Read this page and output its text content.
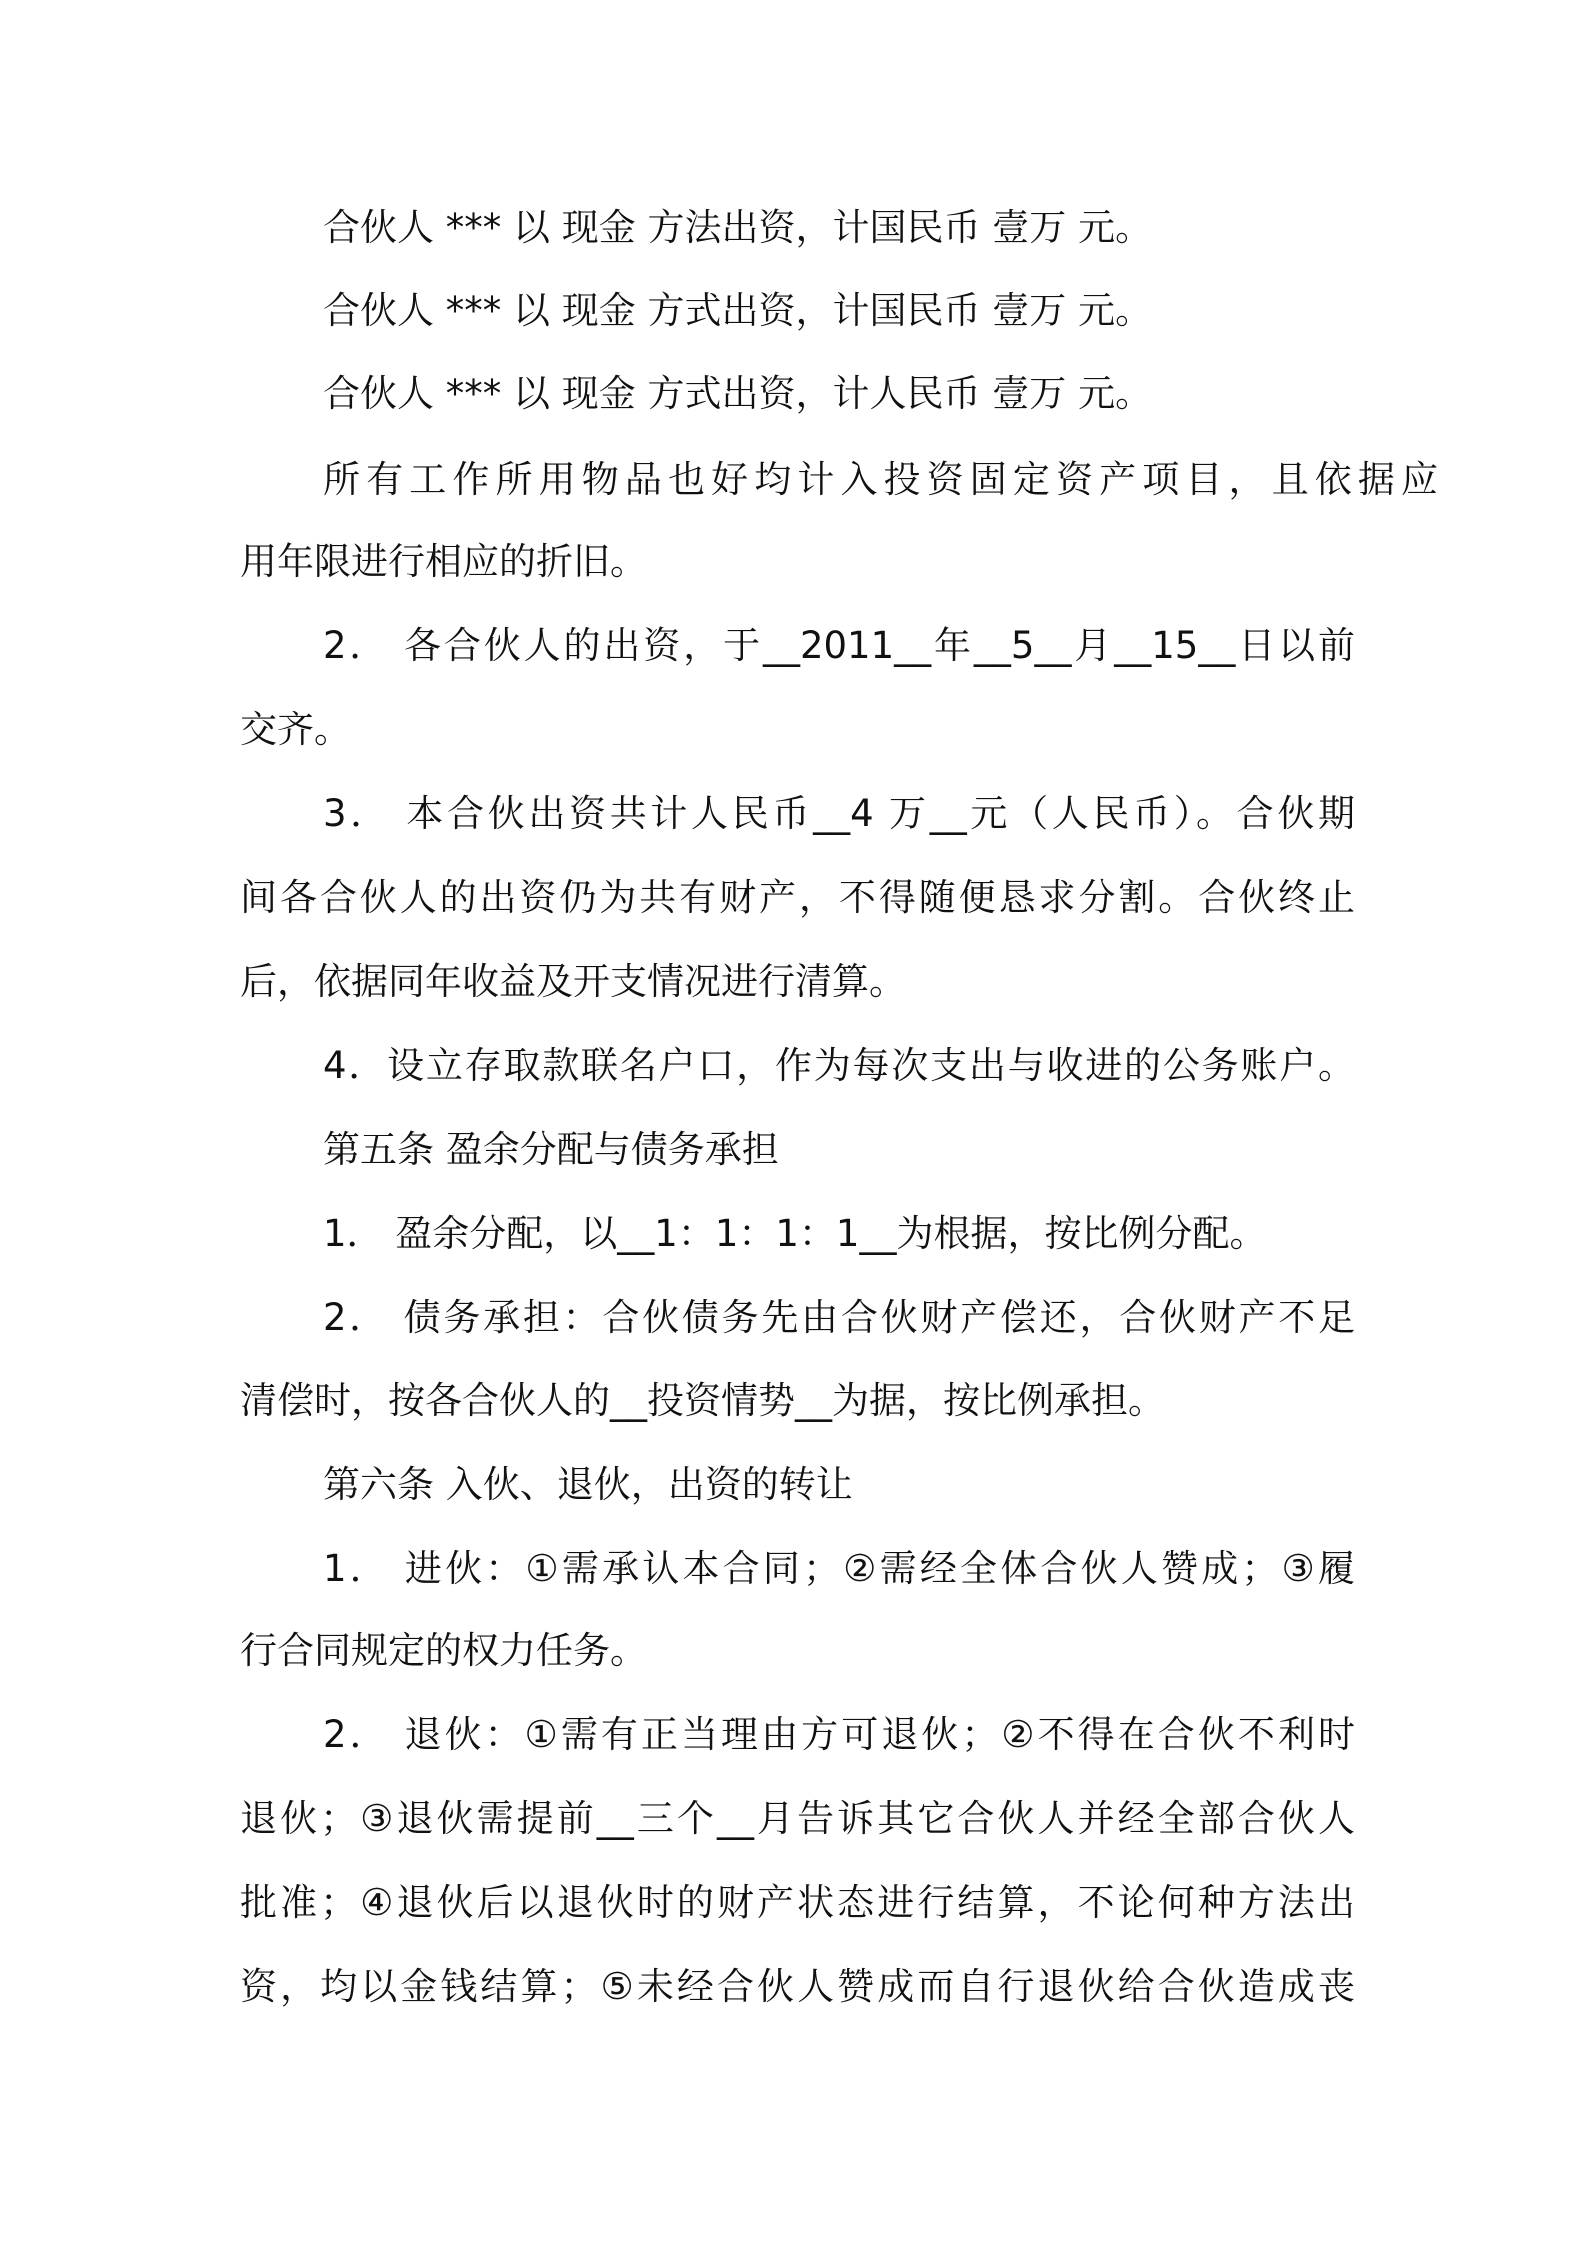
合伙人 *** 以 现金 方法出资，计国民币 壹万 元。

合伙人 *** 以 现金 方式出资，计国民币 壹万 元。

合伙人 *** 以 现金 方式出资，计人民币 壹万 元。

所有工作所用物品也好均计入投资固定资产项目，且依据应

用年限进行相应的折旧。

2． 各合伙人的出资，于__2011__年__5__月__15__日以前

交齐。

3． 本合伙出资共计人民币__4 万__元（人民币）。合伙期

间各合伙人的出资仍为共有财产，不得随便恳求分割。合伙终止

后，依据同年收益及开支情况进行清算。

4．设立存取款联名户口，作为每次支出与收进的公务账户。

第五条 盈余分配与债务承担

1． 盈余分配，以__1：1：1：1__为根据，按比例分配。

2． 债务承担：合伙债务先由合伙财产偿还，合伙财产不足

清偿时，按各合伙人的__投资情势__为据，按比例承担。

第六条 入伙、退伙，出资的转让

1． 进伙：①需承认本合同；②需经全体合伙人赞成；③履

行合同规定的权力任务。

2． 退伙：①需有正当理由方可退伙；②不得在合伙不利时

退伙；③退伙需提前__三个__月告诉其它合伙人并经全部合伙人

批准；④退伙后以退伙时的财产状态进行结算，不论何种方法出

资，均以金钱结算；⑤未经合伙人赞成而自行退伙给合伙造成丧
